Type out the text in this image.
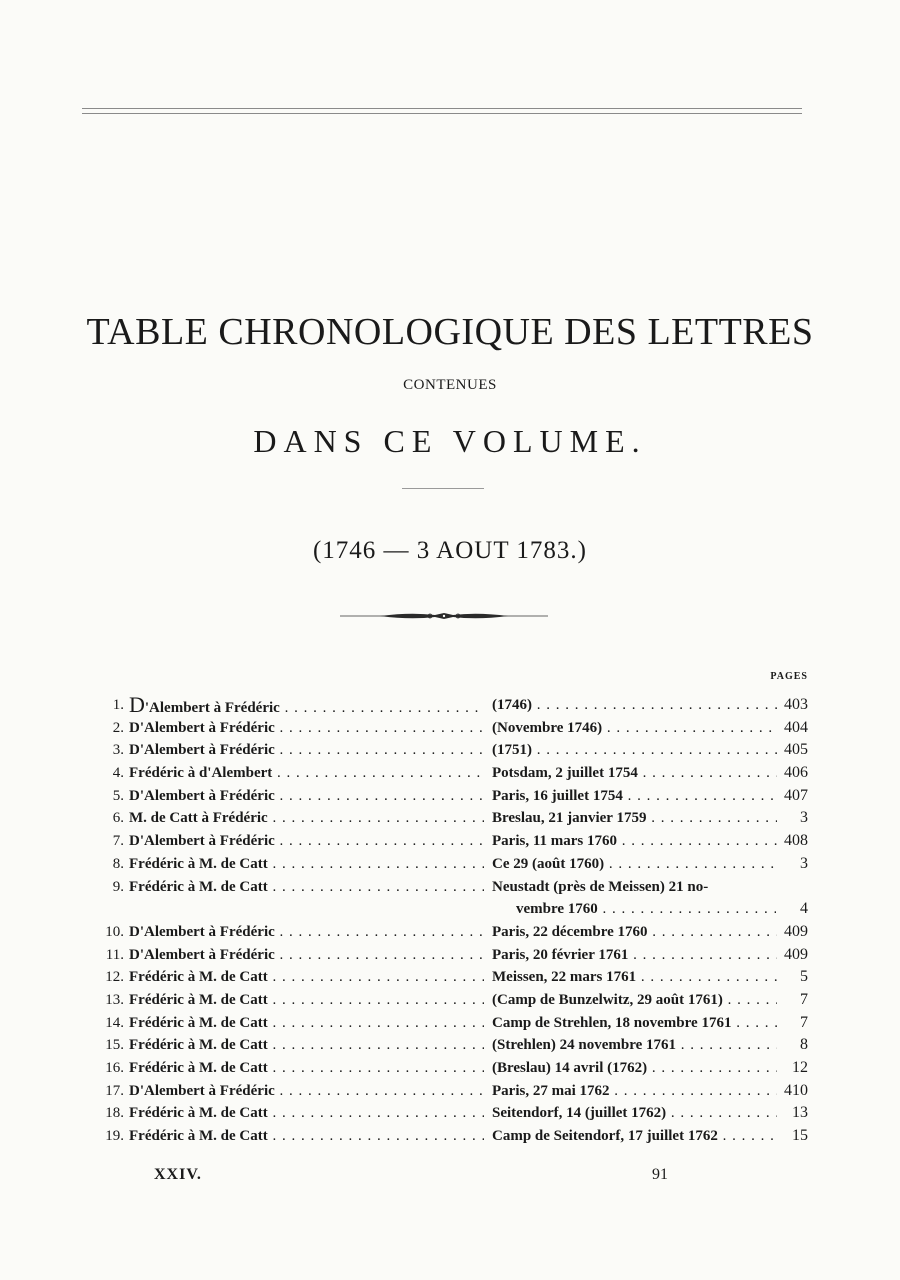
TABLE CHRONOLOGIQUE DES LETTRES
CONTENUES
DANS CE VOLUME.
(1746 — 3 AOUT 1783.)
PAGES
1. D'Alembert à Frédéric . . .	(1746) . . .	403
2. D'Alembert à Frédéric . . .	(Novembre 1746) . . .	404
3. D'Alembert à Frédéric . . .	(1751) . . .	405
4. Frédéric à d'Alembert . . .	Potsdam, 2 juillet 1754 . . .	406
5. D'Alembert à Frédéric . . .	Paris, 16 juillet 1754 . . .	407
6. M. de Catt à Frédéric . . .	Breslau, 21 janvier 1759 . . .	3
7. D'Alembert à Frédéric . . .	Paris, 11 mars 1760 . . .	408
8. Frédéric à M. de Catt . . .	Ce 29 (août 1760) . . .	3
9. Frédéric à M. de Catt . . .	Neustadt (près de Meissen) 21 no-
vembre 1760 . . .	4
10. D'Alembert à Frédéric . . .	Paris, 22 décembre 1760 . . .	409
11. D'Alembert à Frédéric . . .	Paris, 20 février 1761 . . .	409
12. Frédéric à M. de Catt . . .	Meissen, 22 mars 1761 . . .	5
13. Frédéric à M. de Catt . . .	(Camp de Bunzelwitz, 29 août 1761) . . .	7
14. Frédéric à M. de Catt . . .	Camp de Strehlen, 18 novembre 1761 . . .	7
15. Frédéric à M. de Catt . . .	(Strehlen) 24 novembre 1761 . . .	8
16. Frédéric à M. de Catt . . .	(Breslau) 14 avril (1762) . . .	12
17. D'Alembert à Frédéric . . .	Paris, 27 mai 1762 . . .	410
18. Frédéric à M. de Catt . . .	Seitendorf, 14 (juillet 1762) . . .	13
19. Frédéric à M. de Catt . . .	Camp de Seitendorf, 17 juillet 1762 . . .	15
XXIV.	91
